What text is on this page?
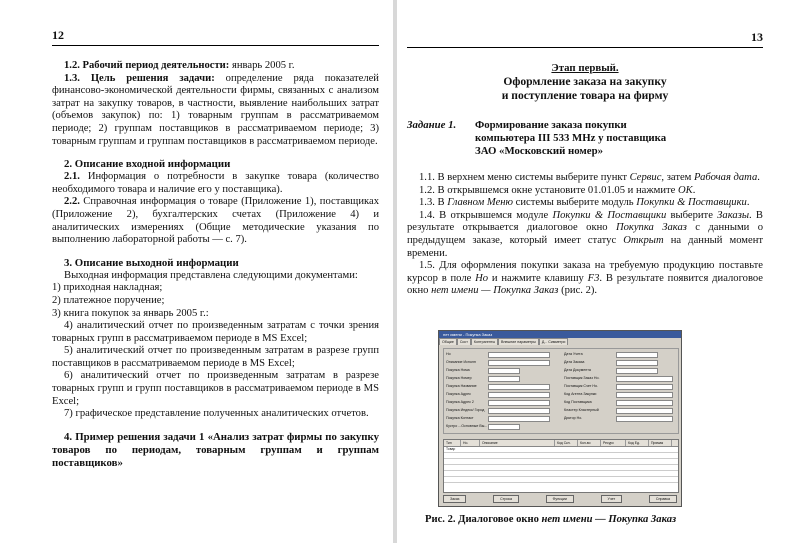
12

1.2. Рабочий период деятельности: январь 2005 г.

1.3. Цель решения задачи: определение ряда показателей финансово-экономической деятельности фирмы, связанных с анализом затрат на закупку товаров, в частности, выявление наибольших затрат (объемов закупок) по: 1) товарным группам в рассматриваемом периоде; 2) группам поставщиков в рассматриваемом периоде; 3) товарным группам и группам поставщиков в рассматриваемом периоде.

2. Описание входной информации

2.1. Информация о потребности в закупке товара (количество необходимого товара и наличие его у поставщика).

2.2. Справочная информация о товаре (Приложение 1), поставщиках (Приложение 2), бухгалтерских счетах (Приложение 4) и аналитических измерениях (Общие методические указания по выполнению лабораторной работы — с. 7).

3. Описание выходной информации

Выходная информация представлена следующими документами:

1) приходная накладная;

2) платежное поручение;

3) книга покупок за январь 2005 г.:

4) аналитический отчет по произведенным затратам с точки зрения товарных групп в рассматриваемом периоде в MS Excel;

5) аналитический отчет по произведенным затратам в разрезе групп поставщиков в рассматриваемом периоде в MS Excel;

6) аналитический отчет по произведенным затратам в разрезе товарных групп и групп поставщиков в рассматриваемом периоде в MS Excel;

7) графическое представление полученных аналитических отчетов.

4. Пример решения задачи 1 «Анализ затрат фирмы по закупку товаров по периодам, товарным группам и группам поставщиков»

13
Этап первый.
Оформление заказа на закупку
и поступление товара на фирму
Задание 1.	Формирование заказа покупки
компьютера III 533 MHz у поставщика
ЗАО «Московский номер»

1.1. В верхнем меню системы выберите пункт Сервис, затем Рабочая дата.

1.2. В открывшемся окне установите 01.01.05 и нажмите OK.

1.3. В Главном Меню системы выберите модуль Покупки & Поставщики.

1.4. В открывшемся модуле Покупки & Поставщики выберите Заказы. В результате открывается диалоговое окно Покупка Заказ с данными о предыдущем заказе, который имеет статус Открыт на данный момент времени.

1.5. Для оформления покупки заказа на требуемую продукцию поставьте курсор в поле Но и нажмите клавишу F3. В результате появится диалоговое окно нет имени — Покупка Заказ (рис. 2).

нет имени - Покупка Заказ
Общие	Сост	Контрагенты	Внешние параметры	Д... Симметри
Но
Описание Исполн
Покупка Нома
Покупка Номер
Покупка Название
Покупка Адрес
Покупка Адрес 2
Покупка Индекс/ Город
Покупка Контакт
Кустро ...Основные Вы...
Дата Учета
Дата Заказа
Дата Документа
Поставщик Заказ Но.
Поставщик Счет Но.
Код Агента Закупки
Код Поставщика
Кластер Кластерный
Диктор Но.
Тип	Но.	Описание	Код Скл.	Кол-во	Ресурс	Код Ед.	Прямая
Товар
Заказ	Строка	Функции	Учет	Справка
Рис. 2. Диалоговое окно нет имени — Покупка Заказ
